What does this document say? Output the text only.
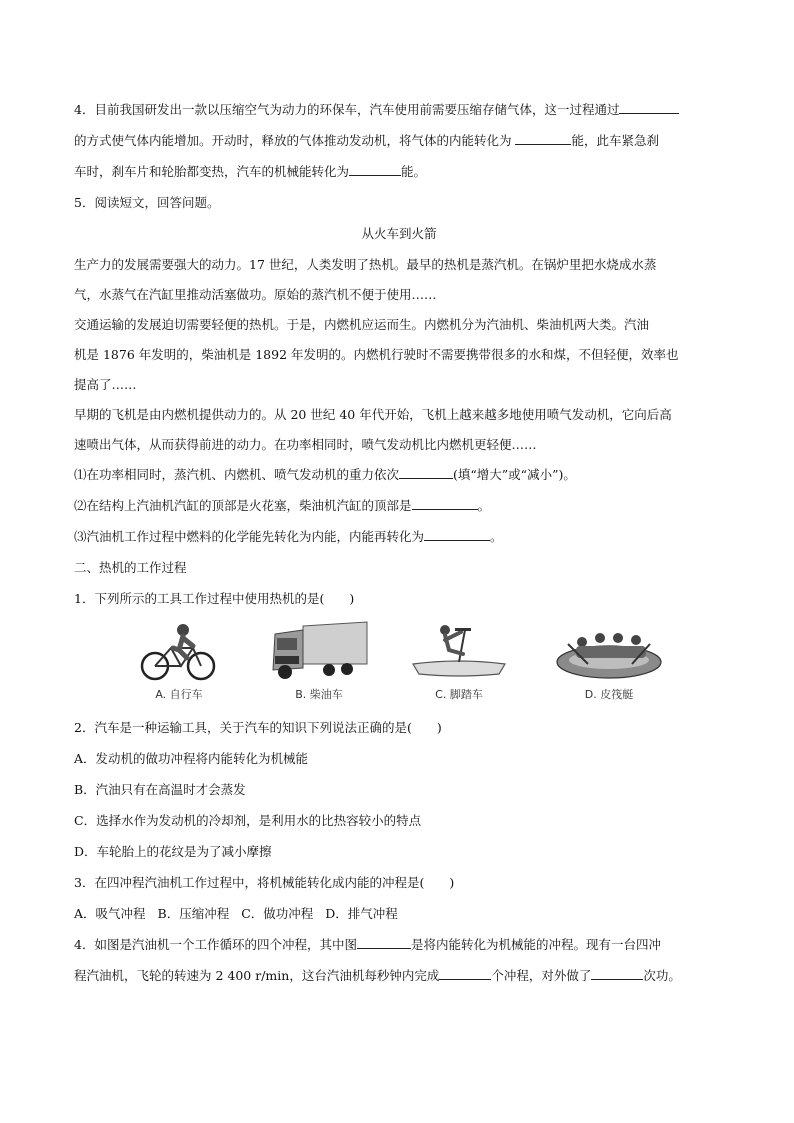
4．目前我国研发出一款以压缩空气为动力的环保车，汽车使用前需要压缩存储气体，这一过程通过
的方式使气体内能增加。开动时，释放的气体推动发动机，将气体的内能转化为	能，此车紧急刹
车时，刹车片和轮胎都变热，汽车的机械能转化为	能。
5．阅读短文，回答问题。
从火车到火箭
生产力的发展需要强大的动力。17 世纪，人类发明了热机。最早的热机是蒸汽机。在锅炉里把水烧成水蒸
气，水蒸气在汽缸里推动活塞做功。原始的蒸汽机不便于使用……
交通运输的发展迫切需要轻便的热机。于是，内燃机应运而生。内燃机分为汽油机、柴油机两大类。汽油
机是 1876 年发明的，柴油机是 1892 年发明的。内燃机行驶时不需要携带很多的水和煤，不但轻便，效率也
提高了……
早期的飞机是由内燃机提供动力的。从 20 世纪 40 年代开始，飞机上越来越多地使用喷气发动机，它向后高
速喷出气体，从而获得前进的动力。在功率相同时，喷气发动机比内燃机更轻便……
⑴在功率相同时，蒸汽机、内燃机、喷气发动机的重力依次	(填“增大”或“减小”)。
⑵在结构上汽油机汽缸的顶部是火花塞，柴油机汽缸的顶部是	。
⑶汽油机工作过程中燃料的化学能先转化为内能，内能再转化为	。
二、热机的工作过程
1．下列所示的工具工作过程中使用热机的是(　　)
A. 自行车	B. 柴油车	C. 脚踏车	D. 皮筏艇
2．汽车是一种运输工具，关于汽车的知识下列说法正确的是(　　)
A．发动机的做功冲程将内能转化为机械能
B．汽油只有在高温时才会蒸发
C．选择水作为发动机的冷却剂，是利用水的比热容较小的特点
D．车轮胎上的花纹是为了减小摩擦
3．在四冲程汽油机工作过程中，将机械能转化成内能的冲程是(　　)
A．吸气冲程 B．压缩冲程 C．做功冲程 D．排气冲程
4．如图是汽油机一个工作循环的四个冲程，其中图	是将内能转化为机械能的冲程。现有一台四冲
程汽油机，飞轮的转速为 2 400 r/min，这台汽油机每秒钟内完成	个冲程，对外做了	次功。
